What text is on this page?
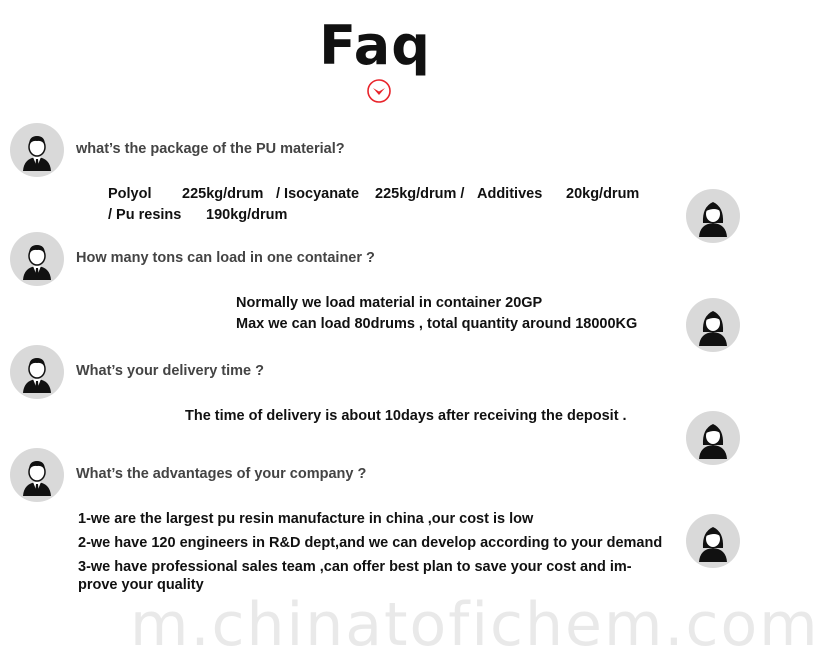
Faq
what’s the package of the PU material?
Polyol 225kg/drum / Isocyanate 225kg/drum / Additives 20kg/drum
/ Pu resins 190kg/drum
How many tons can load in one container ?
Normally we load material in container 20GP
Max we can load 80drums , total quantity around 18000KG
What’s your delivery time ?
The time of delivery is about 10days after receiving the deposit .
What’s the advantages of your company ?
1-we are the largest pu resin manufacture in china ,our cost is low
2-we have 120 engineers in R&D dept,and we can develop according to your demand
3-we have professional sales team ,can offer best plan to save your cost and im-prove your quality
m.chinatofichem.com
